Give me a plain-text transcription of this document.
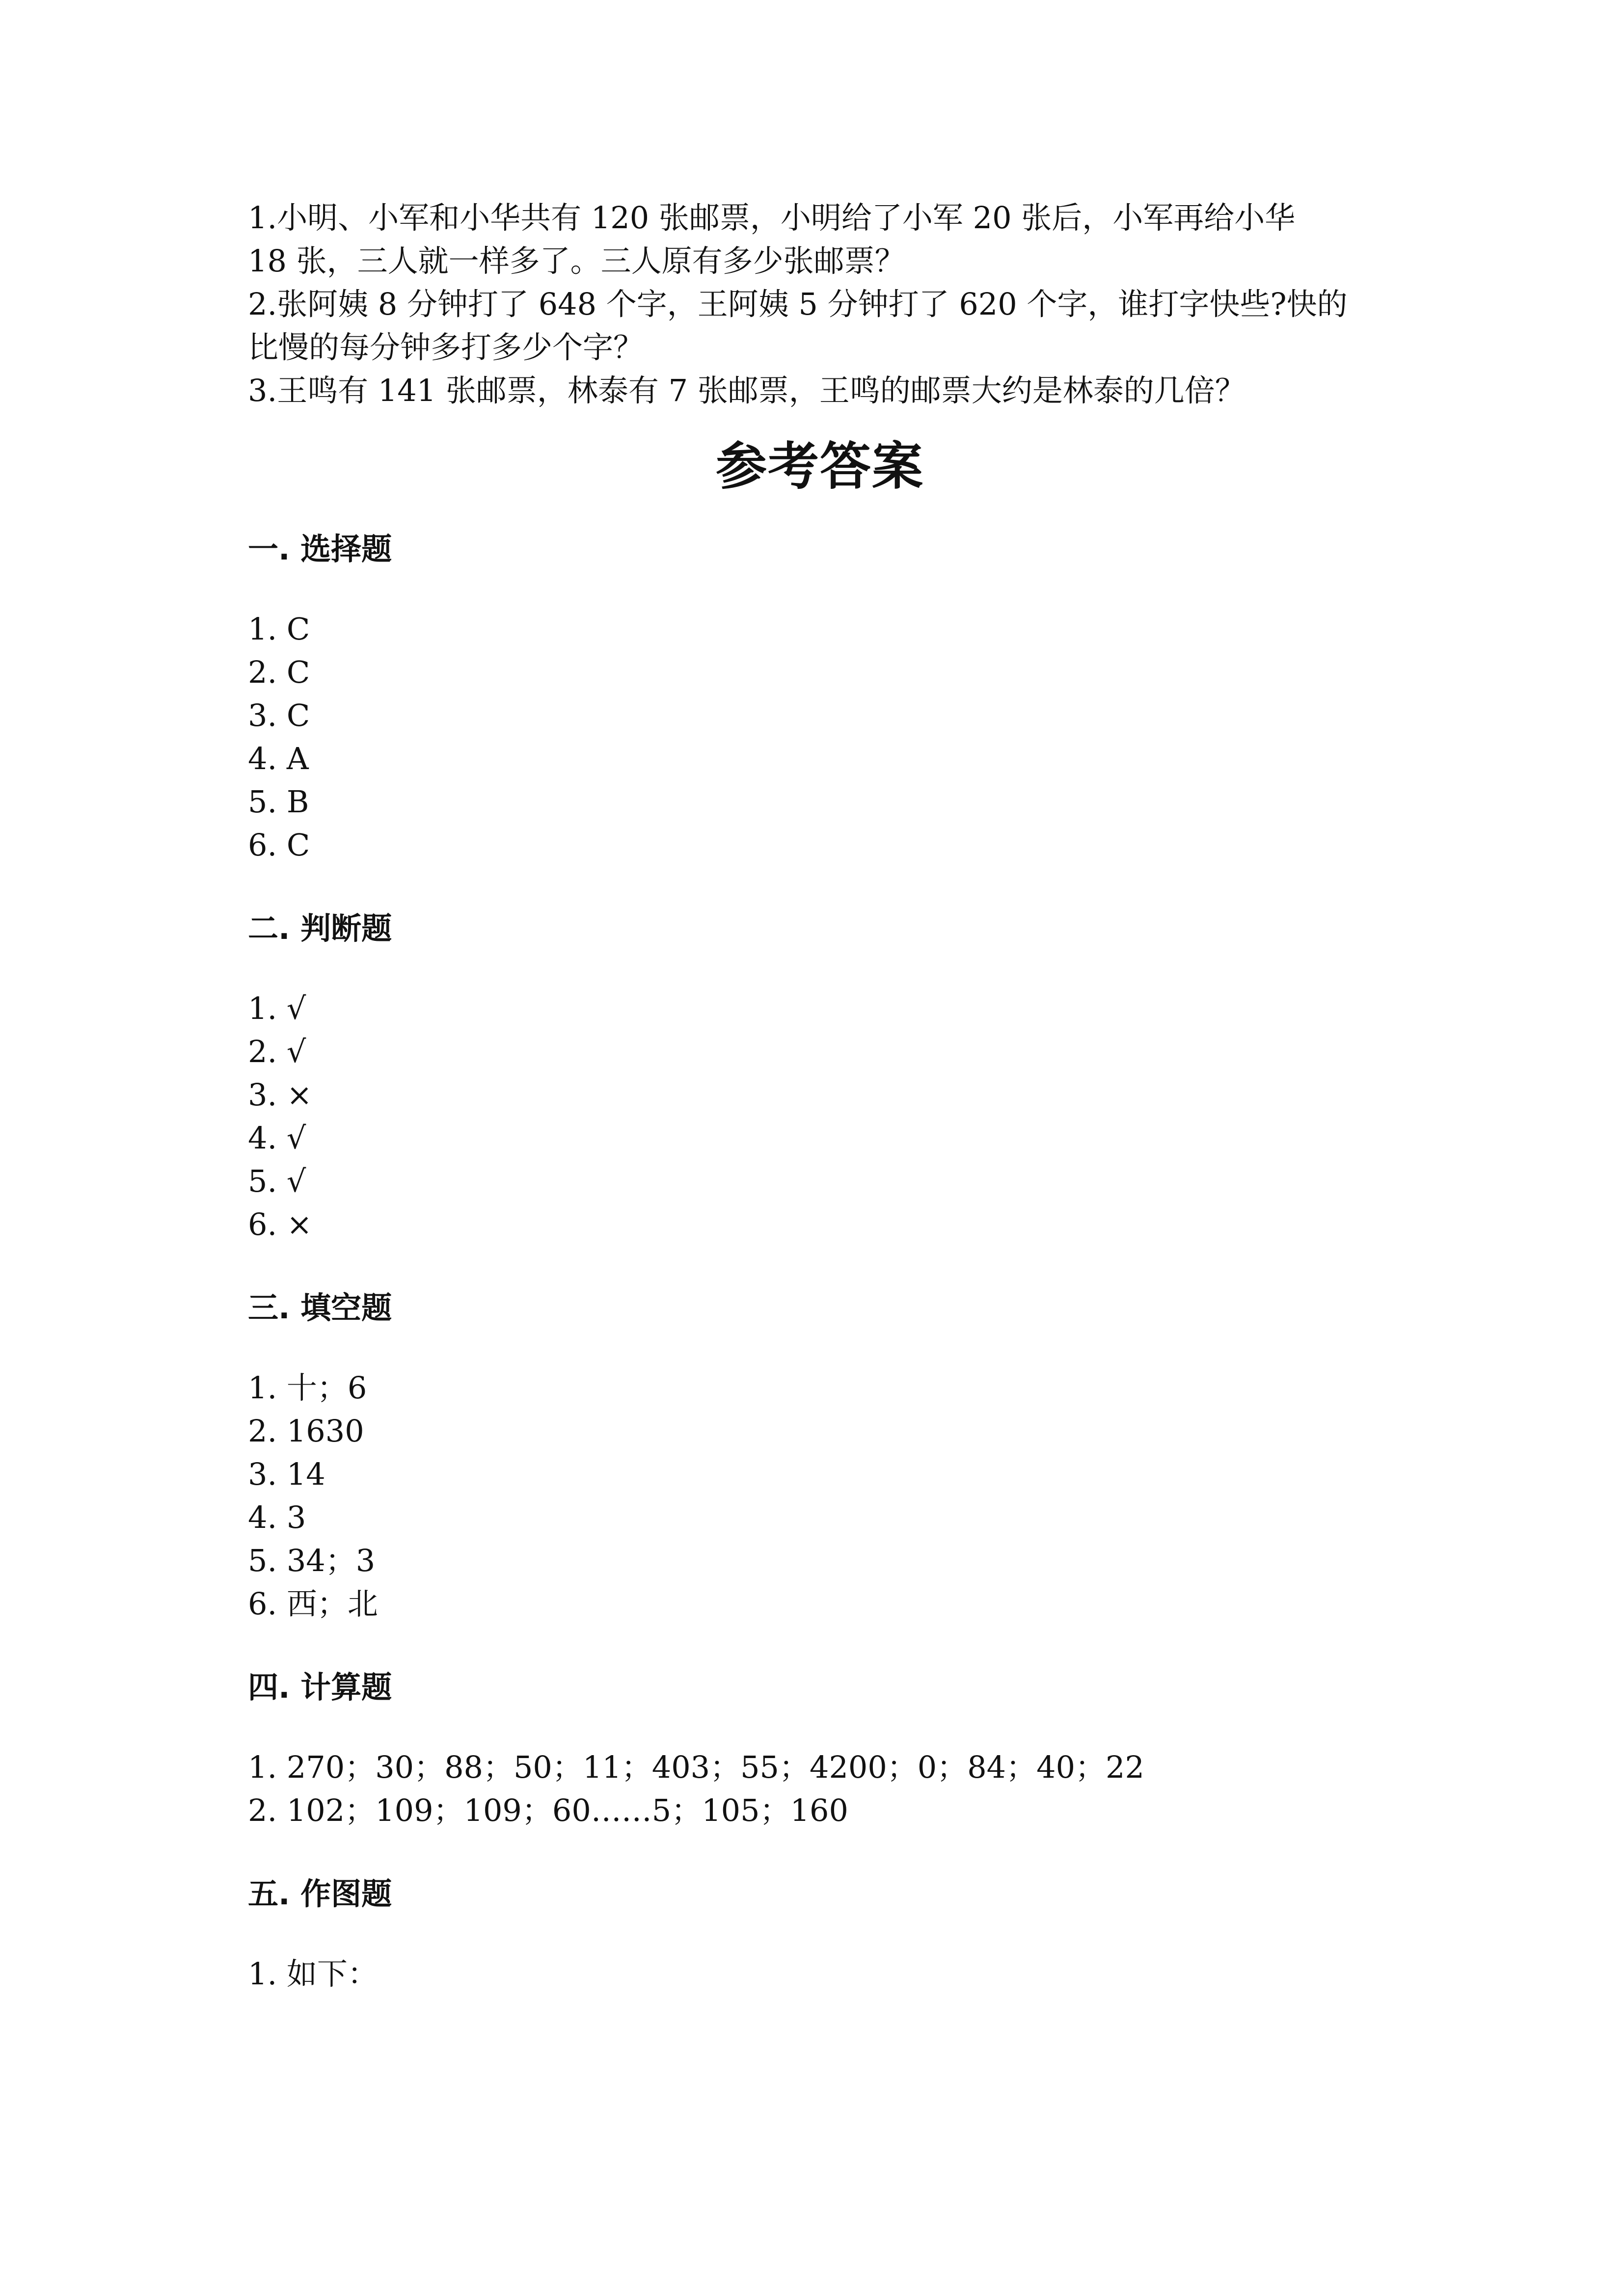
1.小明、小军和小华共有 120 张邮票，小明给了小军 20 张后，小军再给小华

18 张，三人就一样多了。三人原有多少张邮票？

2.张阿姨 8 分钟打了 648 个字，王阿姨 5 分钟打了 620 个字，谁打字快些?快的

比慢的每分钟多打多少个字？

3.王鸣有 141 张邮票，林泰有 7 张邮票，王鸣的邮票大约是林泰的几倍？

参考答案
一. 选择题
1. C
2. C
3. C
4. A
5. B
6. C
二. 判断题
1. √
2. √
3. ×
4. √
5. √
6. ×
三. 填空题
1. 十；6
2. 1630
3. 14
4. 3
5. 34；3
6. 西；北
四. 计算题
1. 270；30；88；50；11；403；55；4200；0；84；40；22
2. 102；109；109；60……5；105；160
五. 作图题
1. 如下：
